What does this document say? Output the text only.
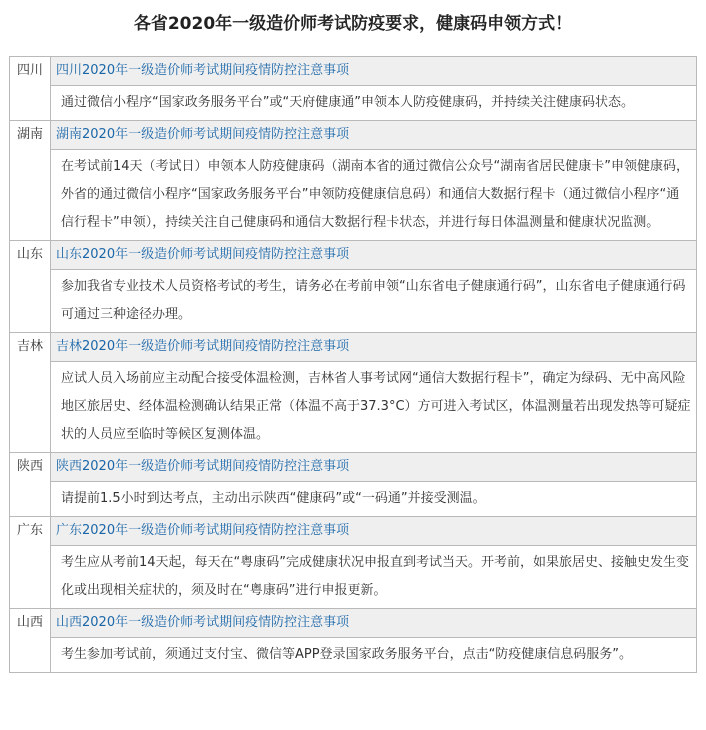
各省2020年一级造价师考试防疫要求，健康码申领方式！
四川	四川2020年一级造价师考试期间疫情防控注意事项
	通过微信小程序“国家政务服务平台”或“天府健康通”申领本人防疫健康码，并持续关注健康码状态。
湖南	湖南2020年一级造价师考试期间疫情防控注意事项
	在考试前14天（考试日）申领本人防疫健康码（湖南本省的通过微信公众号“湖南省居民健康卡”申领健康码，外省的通过微信小程序“国家政务服务平台”申领防疫健康信息码）和通信大数据行程卡（通过微信小程序“通信行程卡”申领），持续关注自己健康码和通信大数据行程卡状态，并进行每日体温测量和健康状况监测。
山东	山东2020年一级造价师考试期间疫情防控注意事项
	参加我省专业技术人员资格考试的考生，请务必在考前申领“山东省电子健康通行码”，山东省电子健康通行码可通过三种途径办理。
吉林	吉林2020年一级造价师考试期间疫情防控注意事项
	应试人员入场前应主动配合接受体温检测，吉林省人事考试网“通信大数据行程卡”，确定为绿码、无中高风险地区旅居史、经体温检测确认结果正常（体温不高于37.3°C）方可进入考试区，体温测量若出现发热等可疑症状的人员应至临时等候区复测体温。
陕西	陕西2020年一级造价师考试期间疫情防控注意事项
	请提前1.5小时到达考点，主动出示陕西“健康码”或“一码通”并接受测温。
广东	广东2020年一级造价师考试期间疫情防控注意事项
	考生应从考前14天起，每天在“粤康码”完成健康状况申报直到考试当天。开考前，如果旅居史、接触史发生变化或出现相关症状的，须及时在“粤康码”进行申报更新。
山西	山西2020年一级造价师考试期间疫情防控注意事项
	考生参加考试前，须通过支付宝、微信等APP登录国家政务服务平台，点击“防疫健康信息码服务”。
